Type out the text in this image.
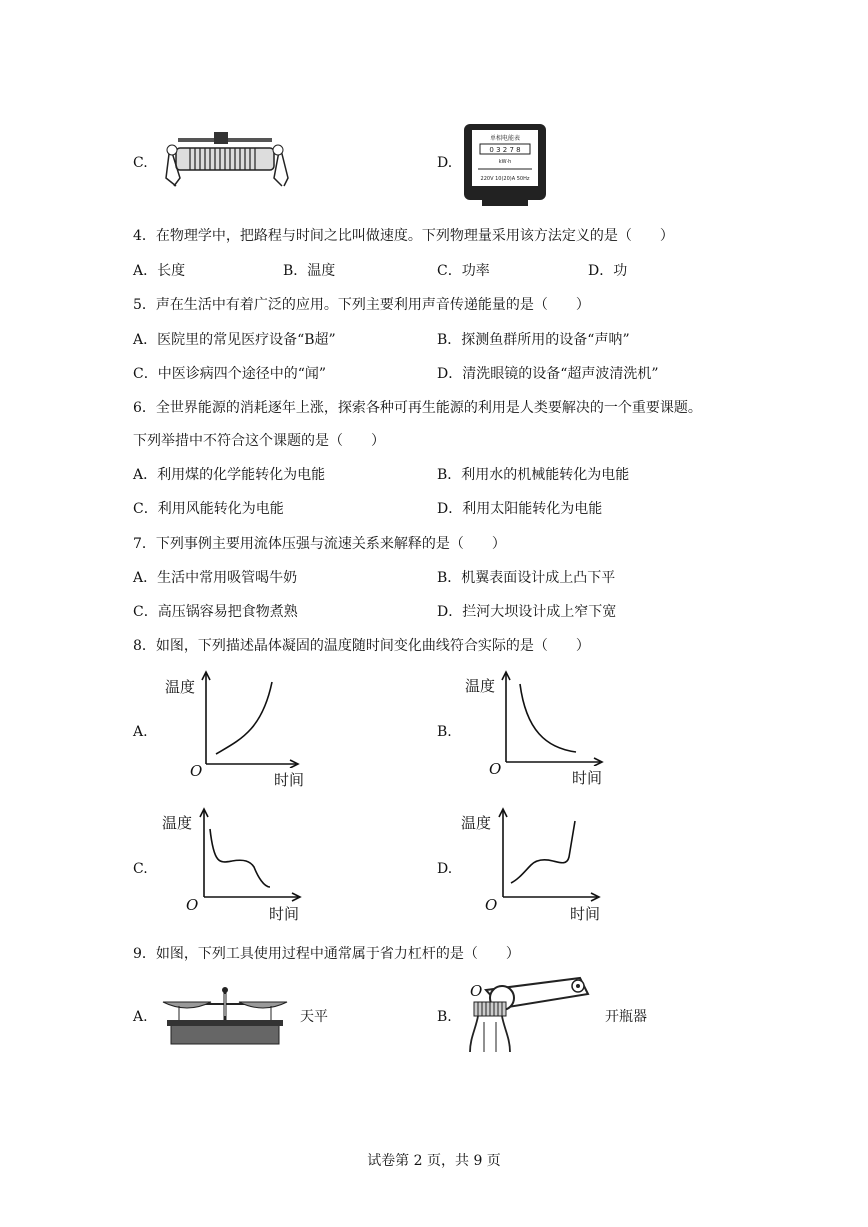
C.	D.
单相电能表
0 3 2 7 8
kW·h
220V 10(20)A 50Hz
4．在物理学中，把路程与时间之比叫做速度。下列物理量采用该方法定义的是（　　）
A．长度	B．温度	C．功率	D．功
5．声在生活中有着广泛的应用。下列主要利用声音传递能量的是（　　）
A．医院里的常见医疗设备“B超”	B．探测鱼群所用的设备“声呐”
C．中医诊病四个途径中的“闻”	D．清洗眼镜的设备“超声波清洗机”
6．全世界能源的消耗逐年上涨，探索各种可再生能源的利用是人类要解决的一个重要课题。
下列举措中不符合这个课题的是（　　）
A．利用煤的化学能转化为电能	B．利用水的机械能转化为电能
C．利用风能转化为电能	D．利用太阳能转化为电能
7．下列事例主要用流体压强与流速关系来解释的是（　　）
A．生活中常用吸管喝牛奶	B．机翼表面设计成上凸下平
C．高压锅容易把食物煮熟	D．拦河大坝设计成上窄下宽
8．如图，下列描述晶体凝固的温度随时间变化曲线符合实际的是（　　）
A.
温度
O	时间
B.
温度
O	时间
C.
温度
O	时间
D.
温度
O	时间
9．如图，下列工具使用过程中通常属于省力杠杆的是（　　）
A.	天平	B.
O
开瓶器
试卷第 2 页，共 9 页
